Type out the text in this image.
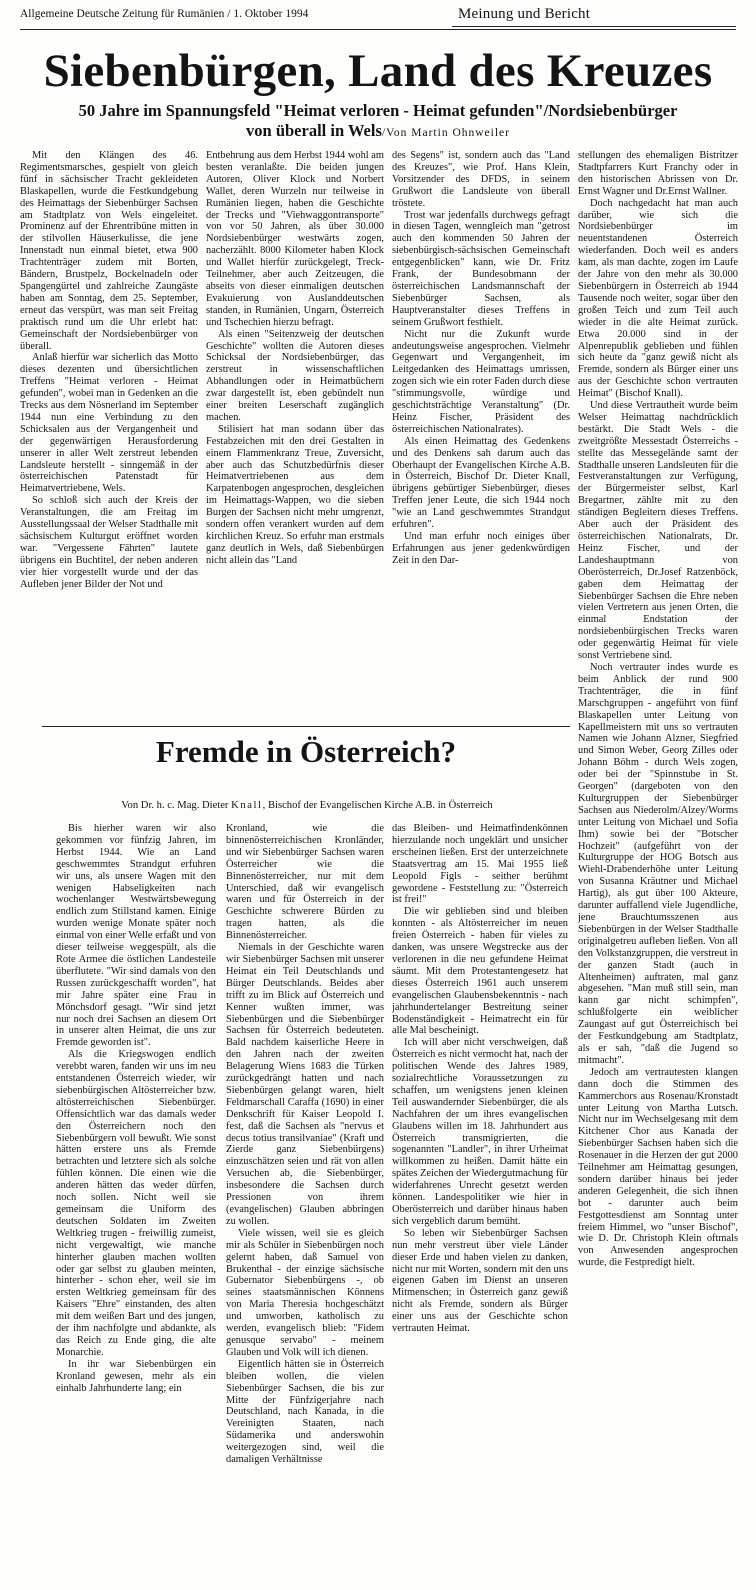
Allgemeine Deutsche Zeitung für Rumänien / 1. Oktober 1994	Meinung und Bericht
Siebenbürgen, Land des Kreuzes
50 Jahre im Spannungsfeld "Heimat verloren - Heimat gefunden"/Nordsiebenbürger
von überall in Wels/Von Martin Ohnweiler

Mit den Klängen des 46. Regimentsmarsches, gespielt von gleich fünf in sächsischer Tracht gekleideten Blaskapellen, wurde die Festkundgebung des Heimattags der Siebenbürger Sachsen am Stadtplatz von Wels eingeleitet. Prominenz auf der Ehrentribüne mitten in der stilvollen Häuserkulisse, die jene Innenstadt nun einmal bietet, etwa 900 Trachtenträger zudem mit Borten, Bändern, Brustpelz, Bockelnadeln oder Spangengürtel und zahlreiche Zaungäste haben am Sonntag, dem 25. September, erneut das verspürt, was man seit Freitag praktisch rund um die Uhr erlebt hat: Gemeinschaft der Nordsiebenbürger von überall.

Anlaß hierfür war sicherlich das Motto dieses dezenten und übersichtlichen Treffens "Heimat verloren - Heimat gefunden", wobei man in Gedenken an die Trecks aus dem Nösnerland im September 1944 nun eine Verbindung zu den Schicksalen aus der Vergangenheit und der gegenwärtigen Herausforderung unserer in aller Welt zerstreut lebenden Landsleute herstellt - sinngemäß in der österreichischen Patenstadt für Heimatvertriebene, Wels.

So schloß sich auch der Kreis der Veranstaltungen, die am Freitag im Ausstellungssaal der Welser Stadthalle mit sächsischem Kulturgut eröffnet worden war. "Vergessene Fährten" lautete übrigens ein Buchtitel, der neben anderen vier hier vorgestellt wurde und der das Aufleben jener Bilder der Not und

Entbehrung aus dem Herbst 1944 wohl am besten veranlaßte. Die beiden jungen Autoren, Oliver Klock und Norbert Wallet, deren Wurzeln nur teilweise in Rumänien liegen, haben die Geschichte der Trecks und "Viehwaggontransporte" von vor 50 Jahren, als über 30.000 Nordsiebenbürger westwärts zogen, nacherzählt. 8000 Kilometer haben Klock und Wallet hierfür zurückgelegt, Treck-Teilnehmer, aber auch Zeitzeugen, die abseits von dieser einmaligen deutschen Evakuierung von Auslanddeutschen standen, in Rumänien, Ungarn, Österreich und Tschechien hierzu befragt.

Als einen "Seitenzweig der deutschen Geschichte" wollten die Autoren dieses Schicksal der Nordsiebenbürger, das zerstreut in wissenschaftlichen Abhandlungen oder in Heimatbüchern zwar dargestellt ist, eben gebündelt nun einer breiten Leserschaft zugänglich machen.

Stilisiert hat man sodann über das Festabzeichen mit den drei Gestalten in einem Flammenkranz Treue, Zuversicht, aber auch das Schutzbedürfnis dieser Heimatvertriebenen aus dem Karpatenbogen angesprochen, desgleichen im Heimattags-Wappen, wo die sieben Burgen der Sachsen nicht mehr umgrenzt, sondern offen verankert wurden auf dem kirchlichen Kreuz. So erfuhr man erstmals ganz deutlich in Wels, daß Siebenbürgen nicht allein das "Land

des Segens" ist, sondern auch das "Land des Kreuzes", wie Prof. Hans Klein, Vorsitzender des DFDS, in seinem Grußwort die Landsleute von überall tröstete.

Trost war jedenfalls durchwegs gefragt in diesen Tagen, wenngleich man "getrost auch den kommenden 50 Jahren der siebenbürgisch-sächsischen Gemeinschaft entgegenblicken" kann, wie Dr. Fritz Frank, der Bundesobmann der österreichischen Landsmannschaft der Siebenbürger Sachsen, als Hauptveranstalter dieses Treffens in seinem Grußwort festhielt.

Nicht nur die Zukunft wurde andeutungsweise angesprochen. Vielmehr Gegenwart und Vergangenheit, im Leitgedanken des Heimattags umrissen, zogen sich wie ein roter Faden durch diese "stimmungsvolle, würdige und geschichtsträchtige Veranstaltung" (Dr. Heinz Fischer, Präsident des österreichischen Nationalrates).

Als einen Heimattag des Gedenkens und des Denkens sah darum auch das Oberhaupt der Evangelischen Kirche A.B. in Österreich, Bischof Dr. Dieter Knall, übrigens gebürtiger Siebenbürger, dieses Treffen jener Leute, die sich 1944 noch "wie an Land geschwemmtes Strandgut erfuhren".

Und man erfuhr noch einiges über Erfahrungen aus jener gedenkwürdigen Zeit in den Dar-

stellungen des ehemaligen Bistritzer Stadtpfarrers Kurt Franchy oder in den historischen Abrissen von Dr. Ernst Wagner und Dr.Ernst Wallner.

Doch nachgedacht hat man auch darüber, wie sich die Nordsiebenbürger im neuentstandenen Österreich wiederfanden. Doch weil es anders kam, als man dachte, zogen im Laufe der Jahre von den mehr als 30.000 Siebenbürgern in Österreich ab 1944 Tausende noch weiter, sogar über den großen Teich und zum Teil auch wieder in die alte Heimat zurück. Etwa 20.000 sind in der Alpenrepublik geblieben und fühlen sich heute da "ganz gewiß nicht als Fremde, sondern als Bürger einer uns aus der Geschichte schon vertrauten Heimat" (Bischof Knall).

Und diese Vertrautheit wurde beim Welser Heimattag nachdrücklich bestärkt. Die Stadt Wels - die zweitgrößte Messestadt Österreichs - stellte das Messegelände samt der Stadthalle unseren Landsleuten für die Festveranstaltungen zur Verfügung, der Bürgermeister selbst, Karl Bregartner, zählte mit zu den ständigen Begleitern dieses Treffens. Aber auch der Präsident des österreichischen Nationalrats, Dr. Heinz Fischer, und der Landeshauptmann von Oberösterreich, Dr.Josef Ratzenböck, gaben dem Heimattag der Siebenbürger Sachsen die Ehre neben vielen Vertretern aus jenen Orten, die einmal Endstation der nordsiebenbürgischen Trecks waren oder gegenwärtig Heimat für viele sonst Vertriebene sind.

Noch vertrauter indes wurde es beim Anblick der rund 900 Trachtenträger, die in fünf Marschgruppen - angeführt von fünf Blaskapellen unter Leitung von Kapellmeistern mit uns so vertrauten Namen wie Johann Alzner, Siegfried und Simon Weber, Georg Zilles oder Johann Böhm - durch Wels zogen, oder bei der "Spinnstube in St. Georgen" (dargeboten von den Kulturgruppen der Siebenbürger Sachsen aus Niederolm/Alzey/Worms unter Leitung von Michael und Sofia Ihm) sowie bei der "Botscher Hochzeit" (aufgeführt von der Kulturgruppe der HOG Botsch aus Wiehl-Drabenderhöhe unter Leitung von Susanna Kräutner und Michael Hartig), als gut über 100 Akteure, darunter auffallend viele Jugendliche, jene Brauchtumsszenen aus Siebenbürgen in der Welser Stadthalle originalgetreu aufleben ließen. Von all den Volkstanzgruppen, die verstreut in der ganzen Stadt (auch in Altenheimen) auftraten, mal ganz abgesehen. "Man muß still sein, man kann gar nicht schimpfen", schlußfolgerte ein weiblicher Zaungast auf gut Österreichisch bei der Festkundgebung am Stadtplatz, als er sah, "daß die Jugend so mitmacht".

Jedoch am vertrautesten klangen dann doch die Stimmen des Kammerchors aus Rosenau/Kronstadt unter Leitung von Martha Lutsch. Nicht nur im Wechselgesang mit dem Kitchener Chor aus Kanada der Siebenbürger Sachsen haben sich die Rosenauer in die Herzen der gut 2000 Teilnehmer am Heimattag gesungen, sondern darüber hinaus bei jeder anderen Gelegenheit, die sich ihnen bot - darunter auch beim Festgottesdienst am Sonntag unter freiem Himmel, wo "unser Bischof", wie D. Dr. Christoph Klein oftmals von Anwesenden angesprochen wurde, die Festpredigt hielt.

Fremde in Österreich?
Von Dr. h. c. Mag. Dieter Knall, Bischof der Evangelischen Kirche A.B. in Österreich

Bis hierher waren wir also gekommen vor fünfzig Jahren, im Herbst 1944. Wie an Land geschwemmtes Strandgut erfuhren wir uns, als unsere Wagen mit den wenigen Habseligkeiten nach wochenlanger Westwärtsbewegung endlich zum Stillstand kamen. Einige wurden wenige Monate später noch einmal von einer Welle erfaßt und von dieser teilweise weggespült, als die Rote Armee die östlichen Landesteile überflutete. "Wir sind damals von den Russen zurückgeschafft worden", hat mir Jahre später eine Frau in Mönchsdorf gesagt. "Wir sind jetzt nur noch drei Sachsen an diesem Ort in unserer alten Heimat, die uns zur Fremde geworden ist".

Als die Kriegswogen endlich verebbt waren, fanden wir uns im neu entstandenen Österreich wieder, wir siebenbürgischen Altösterreicher bzw. altösterreichischen Siebenbürger. Offensichtlich war das damals weder den Österreichern noch den Siebenbürgern voll bewußt. Wie sonst hätten erstere uns als Fremde betrachten und letztere sich als solche fühlen können. Die einen wie die anderen hätten das weder dürfen, noch sollen. Nicht weil sie gemeinsam die Uniform des deutschen Soldaten im Zweiten Weltkrieg trugen - freiwillig zumeist, nicht vergewaltigt, wie manche hinterher glauben machen wollten oder gar selbst zu glauben meinten, hinterher - schon eher, weil sie im ersten Weltkrieg gemeinsam für des Kaisers "Ehre" einstanden, des alten mit dem weißen Bart und des jungen, der ihm nachfolgte und abdankte, als das Reich zu Ende ging, die alte Monarchie.

In ihr war Siebenbürgen ein Kronland gewesen, mehr als ein einhalb Jahrhunderte lang; ein

Kronland, wie die binnenösterreichischen Kronländer, und wir Siebenbürger Sachsen waren Österreicher wie die Binnenösterreicher, nur mit dem Unterschied, daß wir evangelisch waren und für Österreich in der Geschichte schwerere Bürden zu tragen hatten, als die Binnenösterreicher.

Niemals in der Geschichte waren wir Siebenbürger Sachsen mit unserer Heimat ein Teil Deutschlands und Bürger Deutschlands. Beides aber trifft zu im Blick auf Österreich und Kenner wußten immer, was Siebenbürgen und die Siebenbürger Sachsen für Österreich bedeuteten. Bald nachdem kaiserliche Heere in den Jahren nach der zweiten Belagerung Wiens 1683 die Türken zurückgedrängt hatten und nach Siebenbürgen gelangt waren, hielt Feldmarschall Caraffa (1690) in einer Denkschrift für Kaiser Leopold I. fest, daß die Sachsen als "nervus et decus totius transilvaniae" (Kraft und Zierde ganz Siebenbürgens) einzuschätzen seien und rät von allen Versuchen ab, die Siebenbürger, insbesondere die Sachsen durch Pressionen von ihrem (evangelischen) Glauben abbringen zu wollen.

Viele wissen, weil sie es gleich mir als Schüler in Siebenbürgen noch gelernt haben, daß Samuel von Brukenthal - der einzige sächsische Gubernator Siebenbürgens -, ob seines staatsmännischen Könnens von Maria Theresia hochgeschätzt und umworben, katholisch zu werden, evangelisch blieb: "Fidem genusque servabo" - meinem Glauben und Volk will ich dienen.

Eigentlich hätten sie in Österreich bleiben wollen, die vielen Siebenbürger Sachsen, die bis zur Mitte der Fünfzigerjahre nach Deutschland, nach Kanada, in die Vereinigten Staaten, nach Südamerika und anderswohin weitergezogen sind, weil die damaligen Verhältnisse

das Bleiben- und Heimatfindenkönnen hierzulande noch ungeklärt und unsicher erscheinen ließen. Erst der unterzeichnete Staatsvertrag am 15. Mai 1955 ließ Leopold Figls - seither berühmt gewordene - Feststellung zu: "Österreich ist frei!"

Die wir geblieben sind und bleiben konnten - als Altösterreicher im neuen freien Österreich - haben für vieles zu danken, was unsere Wegstrecke aus der verlorenen in die neu gefundene Heimat säumt. Mit dem Protestantengesetz hat dieses Österreich 1961 auch unserem evangelischen Glaubensbekenntnis - nach jahrhundertelanger Bestreitung seiner Bodenständigkeit - Heimatrecht ein für alle Mal bescheinigt.

Ich will aber nicht verschweigen, daß Österreich es nicht vermocht hat, nach der politischen Wende des Jahres 1989, sozialrechtliche Voraussetzungen zu schaffen, um wenigstens jenen kleinen Teil auswandernder Siebenbürger, die als Nachfahren der um ihres evangelischen Glaubens willen im 18. Jahrhundert aus Österreich transmigrierten, die sogenannten "Landler", in ihrer Urheimat willkommen zu heißen. Damit hätte ein spätes Zeichen der Wiedergutmachung für widerfahrenes Unrecht gesetzt werden können. Landespolitiker wie hier in Oberösterreich und darüber hinaus haben sich vergeblich darum bemüht.

So leben wir Siebenbürger Sachsen nun mehr verstreut über viele Länder dieser Erde und haben vielen zu danken, nicht nur mit Worten, sondern mit den uns eigenen Gaben im Dienst an unseren Mitmenschen; in Österreich ganz gewiß nicht als Fremde, sondern als Bürger einer uns aus der Geschichte schon vertrauten Heimat.
